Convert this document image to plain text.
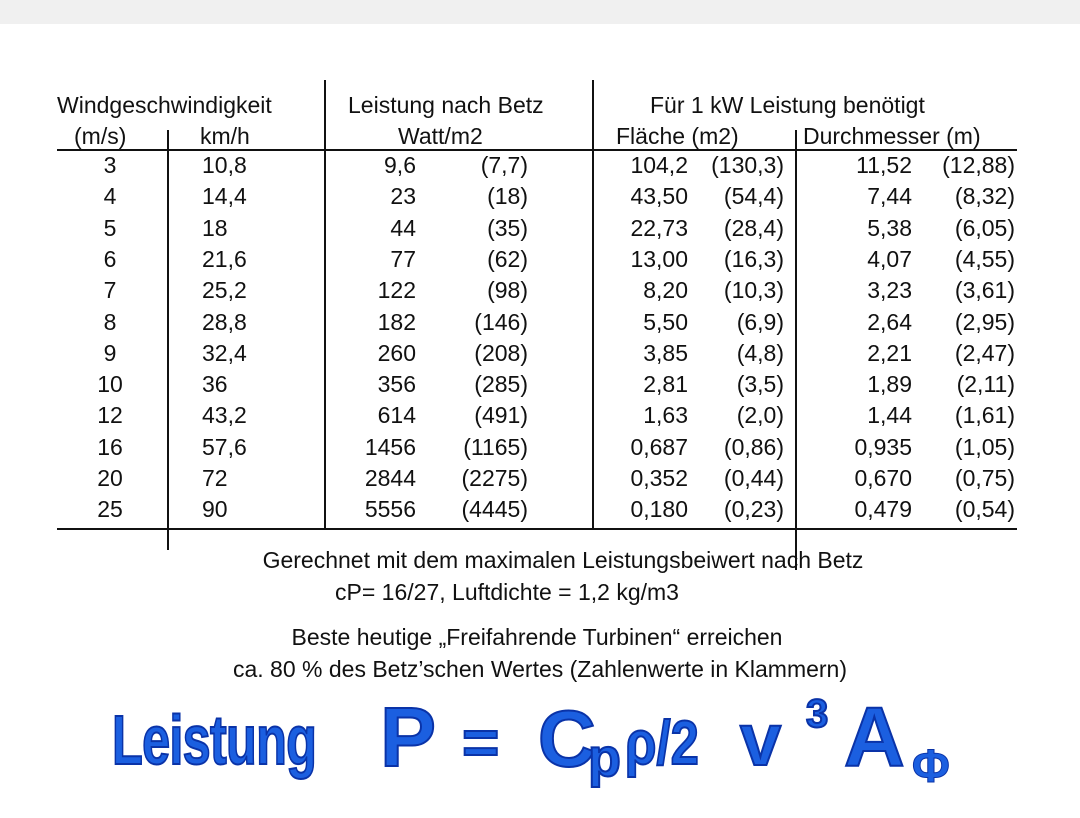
Windgeschwindigkeit	Leistung nach Betz	Für 1 kW Leistung benötigt
(m/s)	km/h	Watt/m2	Fläche (m2)	Durchmesser (m)
3	10,8	9,6	(7,7)	104,2	(130,3)	11,52	(12,88)
4	14,4	23	(18)	43,50	(54,4)	7,44	(8,32)
5	18	44	(35)	22,73	(28,4)	5,38	(6,05)
6	21,6	77	(62)	13,00	(16,3)	4,07	(4,55)
7	25,2	122	(98)	8,20	(10,3)	3,23	(3,61)
8	28,8	182	(146)	5,50	(6,9)	2,64	(2,95)
9	32,4	260	(208)	3,85	(4,8)	2,21	(2,47)
10	36	356	(285)	2,81	(3,5)	1,89	(2,11)
12	43,2	614	(491)	1,63	(2,0)	1,44	(1,61)
16	57,6	1456	(1165)	0,687	(0,86)	0,935	(1,05)
20	72	2844	(2275)	0,352	(0,44)	0,670	(0,75)
25	90	5556	(4445)	0,180	(0,23)	0,479	(0,54)
Gerechnet mit dem maximalen Leistungsbeiwert nach Betz
cP= 16/27, Luftdichte = 1,2 kg/m3
Beste heutige „Freifahrende Turbinen“ erreichen
ca. 80 % des Betz’schen Wertes (Zahlenwerte in Klammern)
Leistung P = C
p ρ/2 v 3 A Φ
